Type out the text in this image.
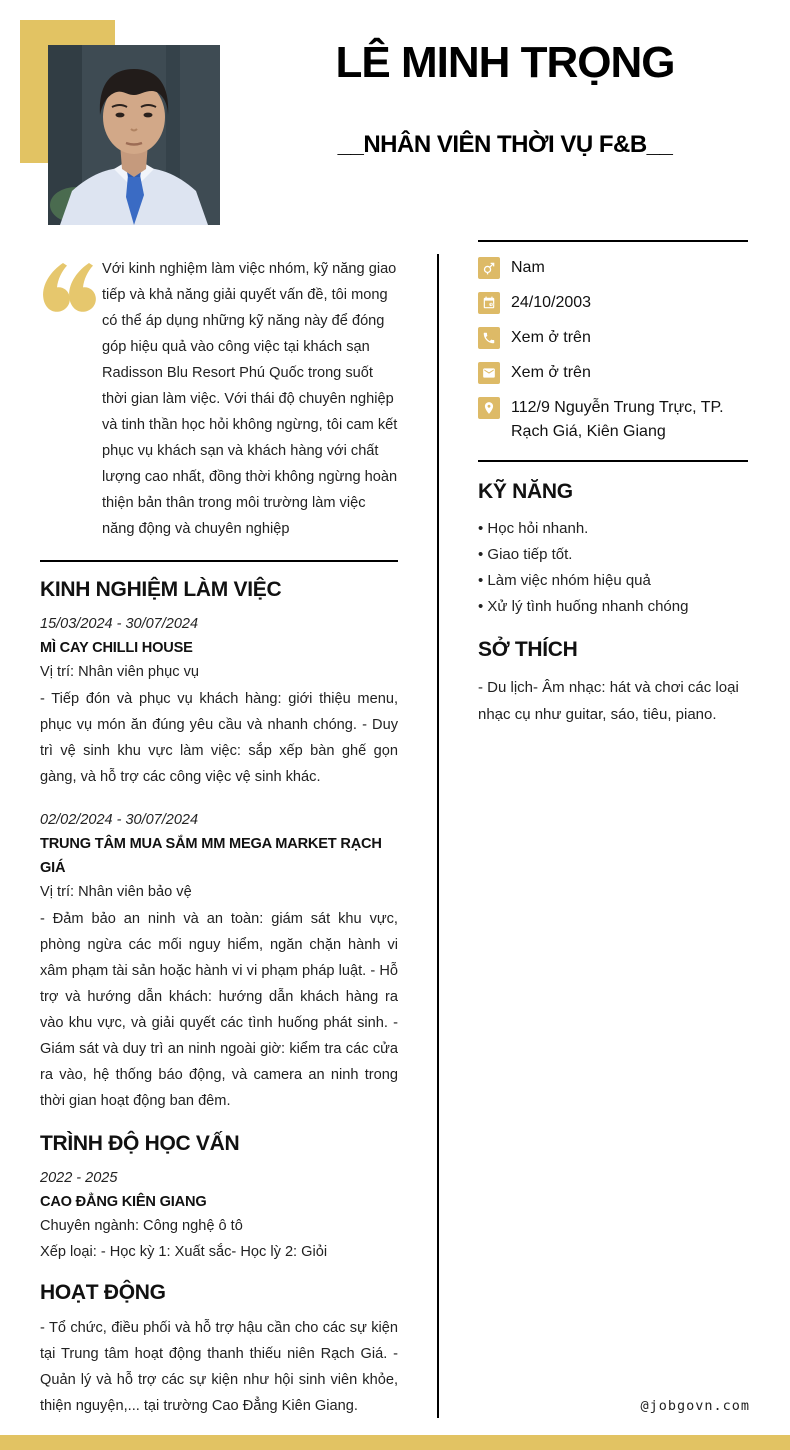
LÊ MINH TRỌNG
__NHÂN VIÊN THỜI VỤ F&B__

Với kinh nghiệm làm việc nhóm, kỹ năng giao tiếp và khả năng giải quyết vấn đề, tôi mong có thể áp dụng những kỹ năng này để đóng góp hiệu quả vào công việc tại khách sạn Radisson Blu Resort Phú Quốc trong suốt thời gian làm việc. Với thái độ chuyên nghiệp và tinh thần học hỏi không ngừng, tôi cam kết phục vụ khách sạn và khách hàng với chất lượng cao nhất, đồng thời không ngừng hoàn thiện bản thân trong môi trường làm việc năng động và chuyên nghiệp

KINH NGHIỆM LÀM VIỆC
15/03/2024 - 30/07/2024
MÌ CAY CHILLI HOUSE
Vị trí: Nhân viên phục vụ

- Tiếp đón và phục vụ khách hàng: giới thiệu menu, phục vụ món ăn đúng yêu cầu và nhanh chóng. - Duy trì vệ sinh khu vực làm việc: sắp xếp bàn ghế gọn gàng, và hỗ trợ các công việc vệ sinh khác.

02/02/2024 - 30/07/2024
TRUNG TÂM MUA SẮM MM MEGA MARKET RẠCH GIÁ
Vị trí: Nhân viên bảo vệ

- Đảm bảo an ninh và an toàn: giám sát khu vực, phòng ngừa các mối nguy hiểm, ngăn chặn hành vi xâm phạm tài sản hoặc hành vi vi phạm pháp luật. - Hỗ trợ và hướng dẫn khách: hướng dẫn khách hàng ra vào khu vực, và giải quyết các tình huống phát sinh. - Giám sát và duy trì an ninh ngoài giờ: kiểm tra các cửa ra vào, hệ thống báo động, và camera an ninh trong thời gian hoạt động ban đêm.

TRÌNH ĐỘ HỌC VẤN
2022 - 2025
CAO ĐẲNG KIÊN GIANG
Chuyên ngành: Công nghệ ô tô
Xếp loại: - Học kỳ 1: Xuất sắc- Học lỳ 2: Giỏi
HOẠT ĐỘNG

- Tổ chức, điều phối và hỗ trợ hậu cần cho các sự kiện tại Trung tâm hoạt động thanh thiếu niên Rạch Giá. - Quản lý và hỗ trợ các sự kiện như hội sinh viên khỏe, thiện nguyện,... tại trường Cao Đẳng Kiên Giang.

Nam
24/10/2003
Xem ở trên
Xem ở trên
112/9 Nguyễn Trung Trực, TP. Rạch Giá, Kiên Giang
KỸ NĂNG
• Học hỏi nhanh.
• Giao tiếp tốt.
• Làm việc nhóm hiệu quả
• Xử lý tình huống nhanh chóng
SỞ THÍCH

- Du lịch- Âm nhạc: hát và chơi các loại nhạc cụ như guitar, sáo, tiêu, piano.

@jobgovn.com
